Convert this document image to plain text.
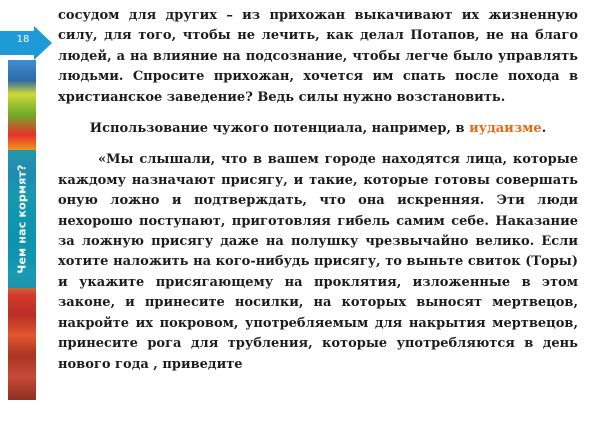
18
Чем нас кормят?

сосудом для других – из прихожан выкачивают их жизненную силу, для того, чтобы не лечить, как делал Потапов, не на благо людей, а на влияние на подсознание, чтобы легче было управлять людьми. Спросите прихожан, хочется им спать после похода в христианское заведение? Ведь силы нужно возстановить.

Использование чужого потенциала, например, в иудаизме.

«Мы слышали, что в вашем городе находятся лица, которые каждому назначают присягу, и такие, которые готовы совершать оную ложно и подтверждать, что она искренняя. Эти люди нехорошо поступают, приготовляя гибель самим себе. Наказание за ложную присягу даже на полушку чрезвычайно велико. Если хотите наложить на кого-нибудь присягу, то выньте свиток (Торы) и укажите присягающему на проклятия, изложенные в этом законе, и принесите носилки, на которых выносят мертвецов, накройте их покровом, употребляемым для накрытия мертвецов, принесите рога для трубления, которые употребляются в день нового года , приведите
